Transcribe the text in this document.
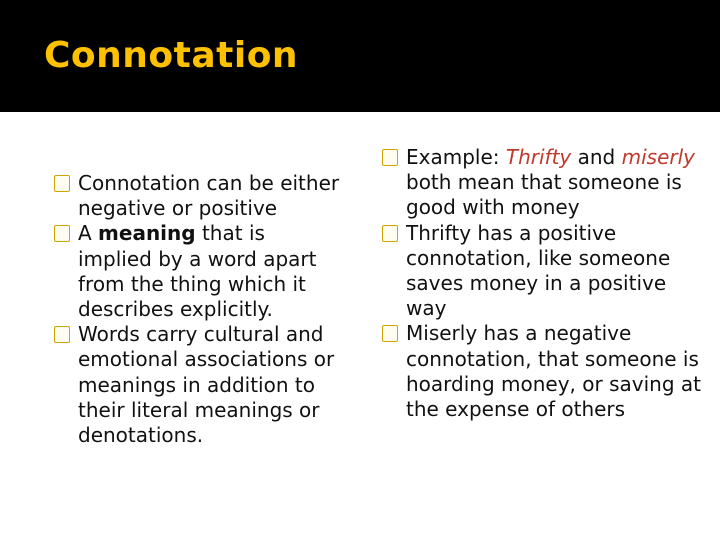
Connotation

Connotation can be either negative or positive

A meaning that is implied by a word apart from the thing which it describes explicitly.

Words carry cultural and emotional associations or meanings in addition to their literal meanings or denotations.

Example: Thrifty and miserly both mean that someone is good with money

Thrifty has a positive connotation, like someone saves money in a positive way

Miserly has a negative connotation, that someone is hoarding money, or saving at the expense of others
